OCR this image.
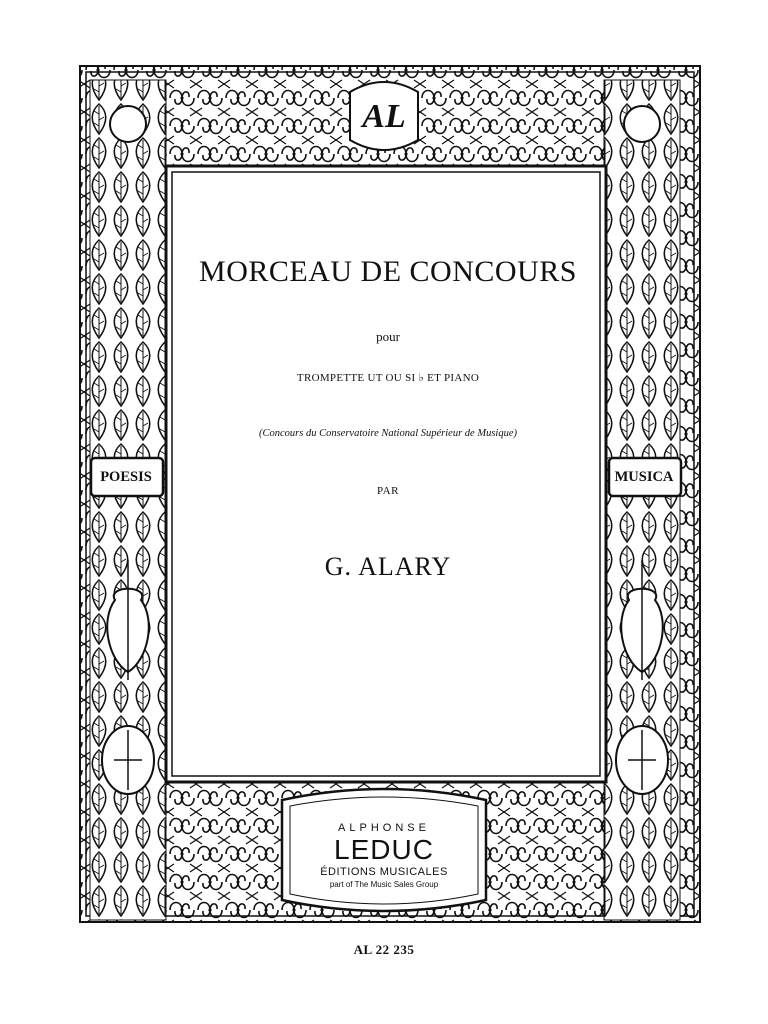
AL
POESIS	MUSICA
MORCEAU DE CONCOURS
pour
TROMPETTE UT OU SI ♭ ET PIANO
(Concours du Conservatoire National Supérieur de Musique)
PAR
G. ALARY
ALPHONSE
LEDUC
ÉDITIONS MUSICALES
part of The Music Sales Group
AL 22 235
